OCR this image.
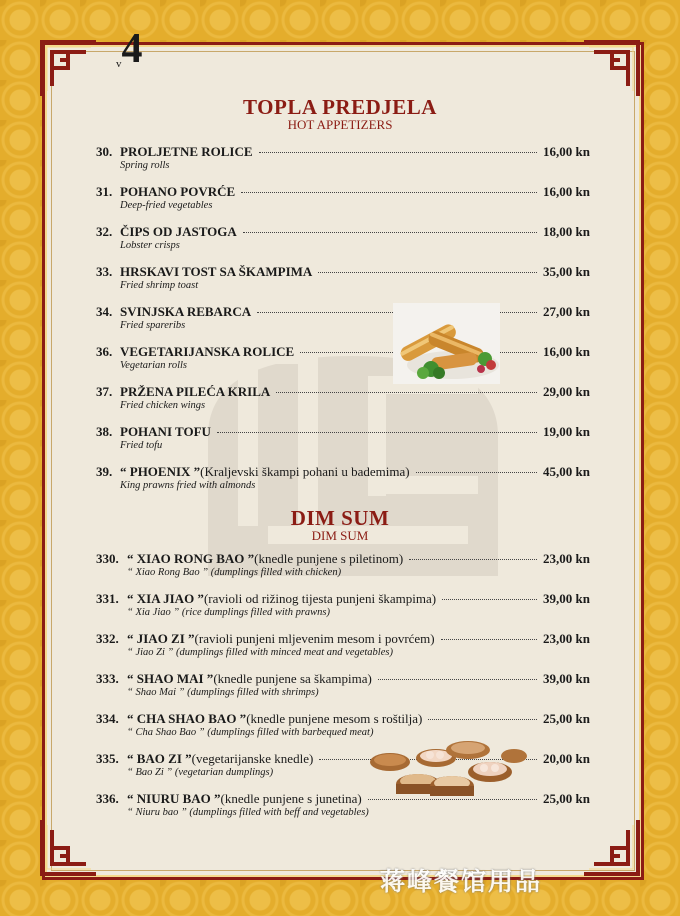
v4
TOPLA PREDJELA
HOT APPETIZERS
30. PROLJETNE ROLICE	16,00 kn
Spring rolls
31. POHANO POVRĆE	16,00 kn
Deep-fried vegetables
32. ČIPS OD JASTOGA	18,00 kn
Lobster crisps
33. HRSKAVI TOST SA ŠKAMPIMA	35,00 kn
Fried shrimp toast
34. SVINJSKA REBARCA	27,00 kn
Fried spareribs
36. VEGETARIJANSKA ROLICE	16,00 kn
Vegetarian rolls
37. PRŽENA PILEĆA KRILA	29,00 kn
Fried chicken wings
38. POHANI TOFU	19,00 kn
Fried tofu
39. “ PHOENIX ” (Kraljevski škampi pohani u bademima)	45,00 kn
King prawns fried with almonds
DIM SUM
DIM SUM
330. “ XIAO RONG BAO ” (knedle punjene s piletinom)	23,00 kn
“ Xiao Rong Bao ” (dumplings filled with chicken)
331. “ XIA JIAO ” (ravioli od rižinog tijesta punjeni škampima)	39,00 kn
“ Xia Jiao ” (rice dumplings filled with prawns)
332. “ JIAO ZI ” (ravioli punjeni mljevenim mesom i povrćem)	23,00 kn
“ Jiao Zi ” (dumplings filled with minced meat and vegetables)
333. “ SHAO MAI ” (knedle punjene sa škampima)	39,00 kn
“ Shao Mai ” (dumplings filled with shrimps)
334. “ CHA SHAO BAO ” (knedle punjene mesom s roštilja)	25,00 kn
“ Cha Shao Bao ” (dumplings filled with barbequed meat)
335. “ BAO ZI ” (vegetarijanske knedle)	20,00 kn
“ Bao Zi ” (vegetarian dumplings)
336. “ NIURU BAO ” (knedle punjene s junetina)	25,00 kn
“ Niuru bao ” (dumplings filled with beff and vegetables)
蒋峰餐馆用品
